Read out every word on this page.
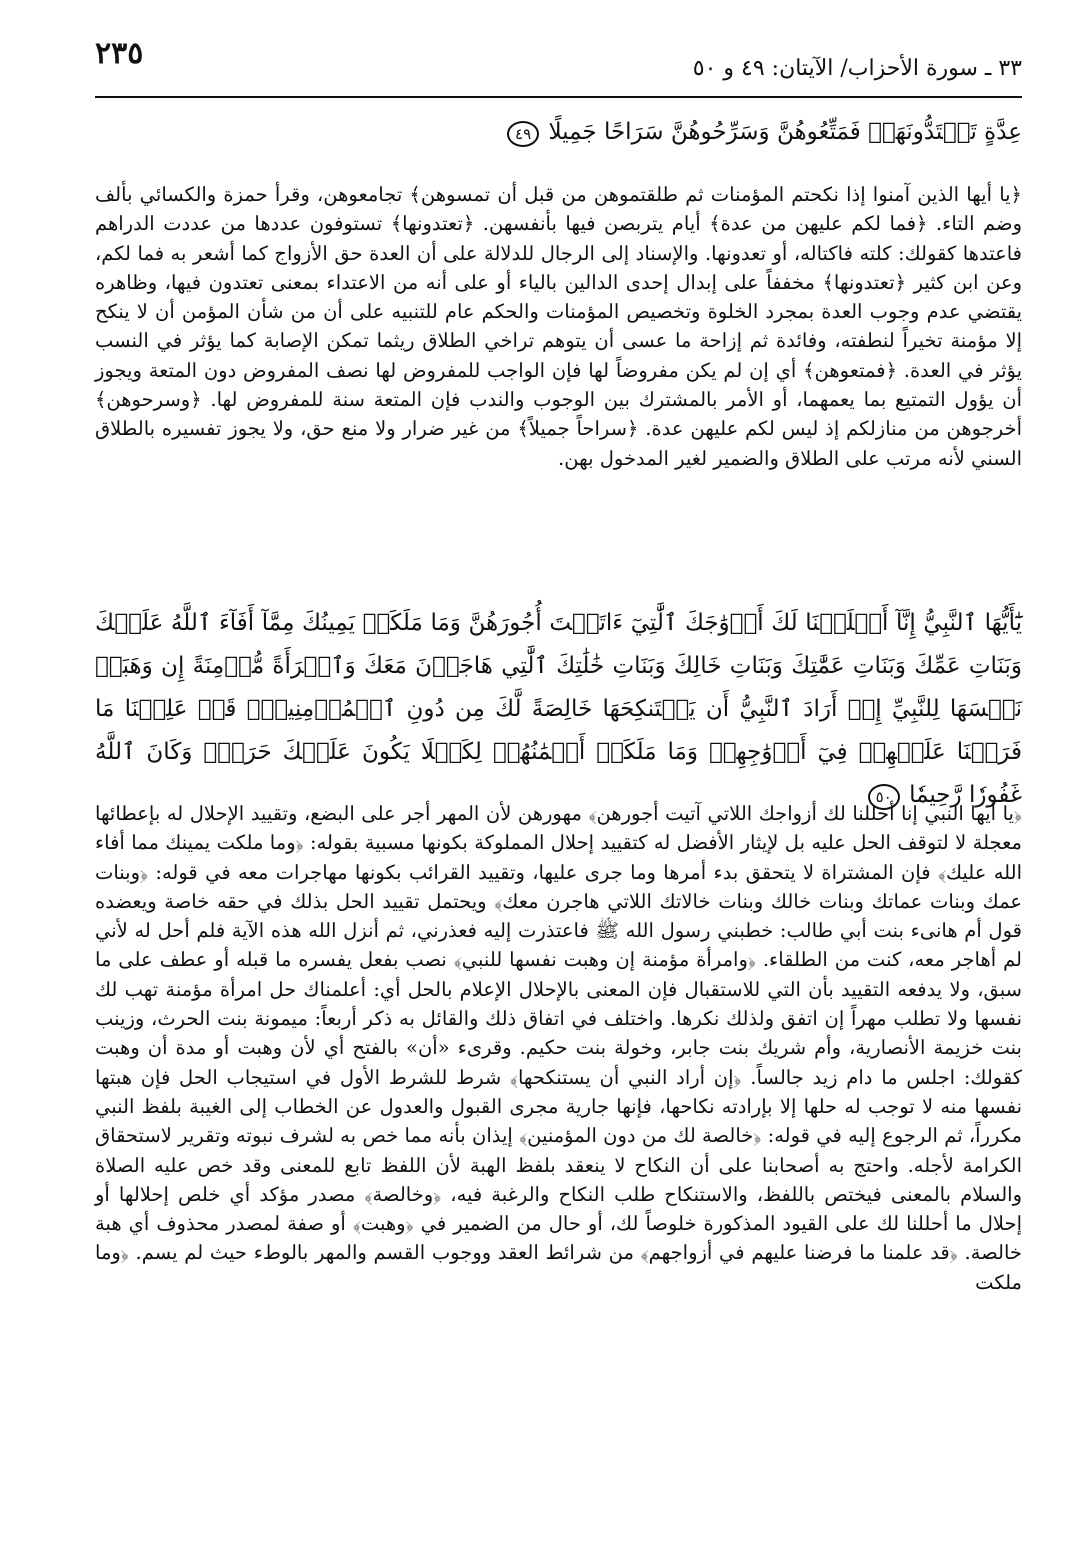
٣٣ ـ سورة الأحزاب/ الآيتان: ٤٩ و ٥٠
٢٣٥
عِدَّةٍ تَعۡتَدُّونَهَاۖ فَمَتِّعُوهُنَّ وَسَرِّحُوهُنَّ سَرَاحًا جَمِيلًا ٤٩

﴿يا أيها الذين آمنوا إذا نكحتم المؤمنات ثم طلقتموهن من قبل أن تمسوهن﴾ تجامعوهن، وقرأ حمزة والكسائي بألف وضم التاء. ﴿فما لكم عليهن من عدة﴾ أيام يتربصن فيها بأنفسهن. ﴿تعتدونها﴾ تستوفون عددها من عددت الدراهم فاعتدها كقولك: كلته فاكتاله، أو تعدونها. والإسناد إلى الرجال للدلالة على أن العدة حق الأزواج كما أشعر به فما لكم، وعن ابن كثير ﴿تعتدونها﴾ مخففاً على إبدال إحدى الدالين بالياء أو على أنه من الاعتداء بمعنى تعتدون فيها، وظاهره يقتضي عدم وجوب العدة بمجرد الخلوة وتخصيص المؤمنات والحكم عام للتنبيه على أن من شأن المؤمن أن لا ينكح إلا مؤمنة تخيراً لنطفته، وفائدة ثم إزاحة ما عسى أن يتوهم تراخي الطلاق ريثما تمكن الإصابة كما يؤثر في النسب يؤثر في العدة. ﴿فمتعوهن﴾ أي إن لم يكن مفروضاً لها فإن الواجب للمفروض لها نصف المفروض دون المتعة ويجوز أن يؤول التمتيع بما يعمهما، أو الأمر بالمشترك بين الوجوب والندب فإن المتعة سنة للمفروض لها. ﴿وسرحوهن﴾ أخرجوهن من منازلكم إذ ليس لكم عليهن عدة. ﴿سراحاً جميلاً﴾ من غير ضرار ولا منع حق، ولا يجوز تفسيره بالطلاق السني لأنه مرتب على الطلاق والضمير لغير المدخول بهن.

يَٰٓأَيُّهَا ٱلنَّبِيُّ إِنَّآ أَحۡلَلۡنَا لَكَ أَزۡوَٰجَكَ ٱلَّٰتِيٓ ءَاتَيۡتَ أُجُورَهُنَّ وَمَا مَلَكَتۡ يَمِينُكَ مِمَّآ أَفَآءَ ٱللَّهُ عَلَيۡكَ وَبَنَاتِ عَمِّكَ وَبَنَاتِ عَمَّٰتِكَ وَبَنَاتِ خَالِكَ وَبَنَاتِ خَٰلَٰتِكَ ٱلَّٰتِي هَاجَرۡنَ مَعَكَ وَٱمۡرَأَةً مُّؤۡمِنَةً إِن وَهَبَتۡ نَفۡسَهَا لِلنَّبِيِّ إِنۡ أَرَادَ ٱلنَّبِيُّ أَن يَسۡتَنكِحَهَا خَالِصَةً لَّكَ مِن دُونِ ٱلۡمُؤۡمِنِينَۗ قَدۡ عَلِمۡنَا مَا فَرَضۡنَا عَلَيۡهِمۡ فِيٓ أَزۡوَٰجِهِمۡ وَمَا مَلَكَتۡ أَيۡمَٰنُهُمۡ لِكَيۡلَا يَكُونَ عَلَيۡكَ حَرَجٞۗ وَكَانَ ٱللَّهُ غَفُورٗا رَّحِيمٗا ٥٠

﴿يا أيها النبي إنا أحللنا لك أزواجك اللاتي آتيت أجورهن﴾ مهورهن لأن المهر أجر على البضع، وتقييد الإحلال له بإعطائها معجلة لا لتوقف الحل عليه بل لإيثار الأفضل له كتقييد إحلال المملوكة بكونها مسبية بقوله: ﴿وما ملكت يمينك مما أفاء الله عليك﴾ فإن المشتراة لا يتحقق بدء أمرها وما جرى عليها، وتقييد القرائب بكونها مهاجرات معه في قوله: ﴿وبنات عمك وبنات عماتك وبنات خالك وبنات خالاتك اللاتي هاجرن معك﴾ ويحتمل تقييد الحل بذلك في حقه خاصة ويعضده قول أم هانىء بنت أبي طالب: خطبني رسول الله ﷺ فاعتذرت إليه فعذرني، ثم أنزل الله هذه الآية فلم أحل له لأني لم أهاجر معه، كنت من الطلقاء. ﴿وامرأة مؤمنة إن وهبت نفسها للنبي﴾ نصب بفعل يفسره ما قبله أو عطف على ما سبق، ولا يدفعه التقييد بأن التي للاستقبال فإن المعنى بالإحلال الإعلام بالحل أي: أعلمناك حل امرأة مؤمنة تهب لك نفسها ولا تطلب مهراً إن اتفق ولذلك نكرها. واختلف في اتفاق ذلك والقائل به ذكر أربعاً: ميمونة بنت الحرث، وزينب بنت خزيمة الأنصارية، وأم شريك بنت جابر، وخولة بنت حكيم. وقرىء «أن» بالفتح أي لأن وهبت أو مدة أن وهبت كقولك: اجلس ما دام زيد جالساً. ﴿إن أراد النبي أن يستنكحها﴾ شرط للشرط الأول في استيجاب الحل فإن هبتها نفسها منه لا توجب له حلها إلا بإرادته نكاحها، فإنها جارية مجرى القبول والعدول عن الخطاب إلى الغيبة بلفظ النبي مكرراً، ثم الرجوع إليه في قوله: ﴿خالصة لك من دون المؤمنين﴾ إيذان بأنه مما خص به لشرف نبوته وتقرير لاستحقاق الكرامة لأجله. واحتج به أصحابنا على أن النكاح لا ينعقد بلفظ الهبة لأن اللفظ تابع للمعنى وقد خص عليه الصلاة والسلام بالمعنى فيختص باللفظ، والاستنكاح طلب النكاح والرغبة فيه، ﴿وخالصة﴾ مصدر مؤكد أي خلص إحلالها أو إحلال ما أحللنا لك على القيود المذكورة خلوصاً لك، أو حال من الضمير في ﴿وهبت﴾ أو صفة لمصدر محذوف أي هبة خالصة. ﴿قد علمنا ما فرضنا عليهم في أزواجهم﴾ من شرائط العقد ووجوب القسم والمهر بالوطء حيث لم يسم. ﴿وما ملكت
